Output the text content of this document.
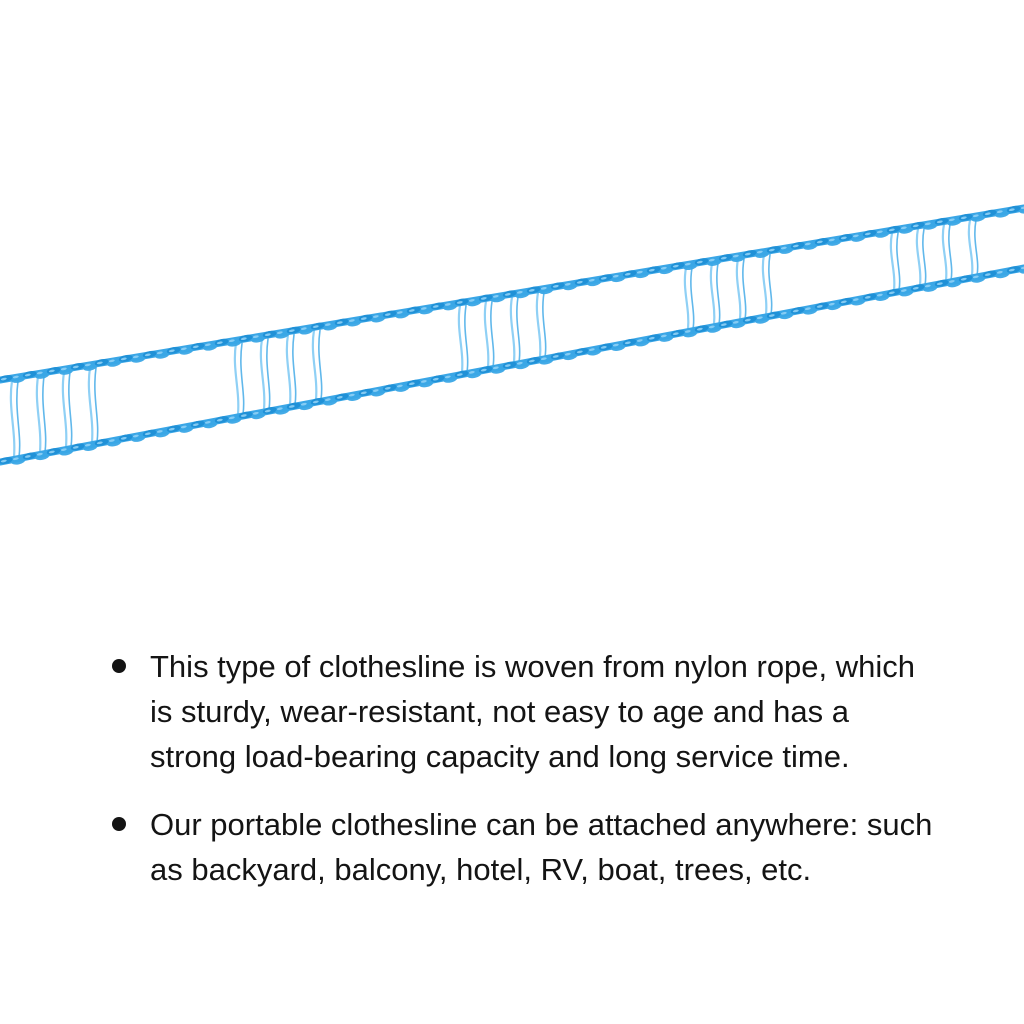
This type of clothesline is woven from nylon rope, which is sturdy, wear-resistant, not easy to age and has a strong load-bearing capacity and long service time.
Our portable clothesline can be attached anywhere: such as backyard, balcony, hotel, RV, boat, trees, etc.
